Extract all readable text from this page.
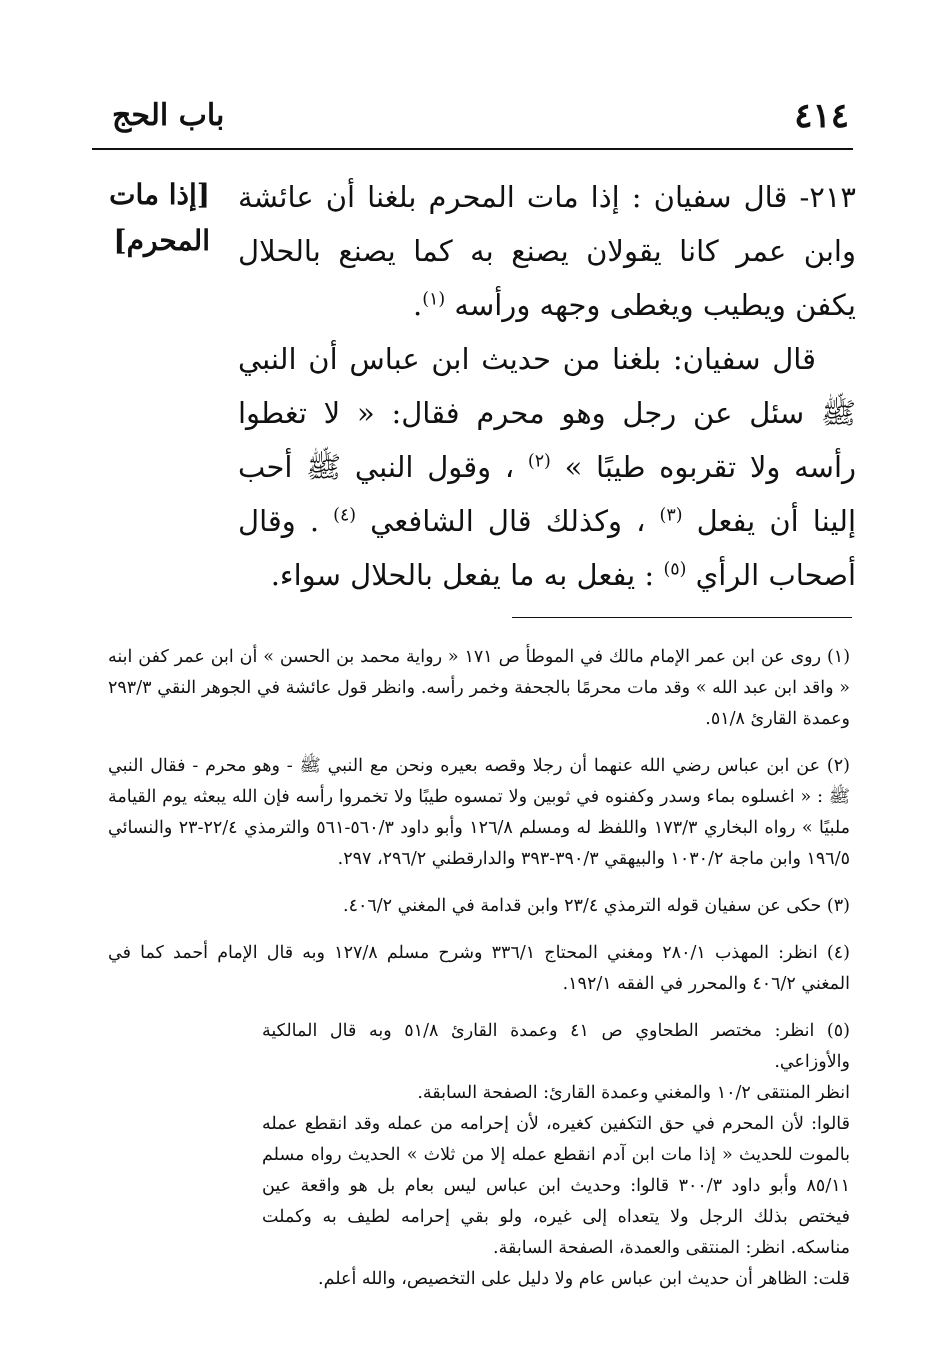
٤١٤
باب الحج
[إذا مات
المحرم]

٢١٣- قال سفيان : إذا مات المحرم بلغنا أن عائشة وابن عمر كانا يقولان يصنع به كما يصنع بالحلال يكفن ويطيب ويغطى وجهه ورأسه $^{(١)}$.

قال سفيان: بلغنا من حديث ابن عباس أن النبي ﷺ سئل عن رجل وهو محرم فقال: « لا تغطوا رأسه ولا تقربوه طيبًا » $^{(٢)}$ ، وقول النبي ﷺ أحب إلينا أن يفعل $^{(٣)}$ ، وكذلك قال الشافعي $^{(٤)}$ . وقال أصحاب الرأي $^{(٥)}$ : يفعل به ما يفعل بالحلال سواء.

(١) روى عن ابن عمر الإمام مالك في الموطأ ص ١٧١ « رواية محمد بن الحسن » أن ابن عمر كفن ابنه « واقد ابن عبد الله » وقد مات محرمًا بالجحفة وخمر رأسه. وانظر قول عائشة في الجوهر النقي ٢٩٣/٣ وعمدة القارئ ٥١/٨.

(٢) عن ابن عباس رضي الله عنهما أن رجلا وقصه بعيره ونحن مع النبي ﷺ - وهو محرم - فقال النبي ﷺ : « اغسلوه بماء وسدر وكفنوه في ثوبين ولا تمسوه طيبًا ولا تخمروا رأسه فإن الله يبعثه يوم القيامة ملبيًا » رواه البخاري ١٧٣/٣ واللفظ له ومسلم ١٢٦/٨ وأبو داود ٥٦٠/٣-٥٦١ والترمذي ٢٢/٤-٢٣ والنسائي ١٩٦/٥ وابن ماجة ١٠٣٠/٢ والبيهقي ٣٩٠/٣-٣٩٣ والدارقطني ٢٩٦/٢، ٢٩٧.

(٣) حكى عن سفيان قوله الترمذي ٢٣/٤ وابن قدامة في المغني ٤٠٦/٢.

(٤) انظر: المهذب ٢٨٠/١ ومغني المحتاج ٣٣٦/١ وشرح مسلم ١٢٧/٨ وبه قال الإمام أحمد كما في المغني ٤٠٦/٢ والمحرر في الفقه ١٩٢/١.

(٥) انظر: مختصر الطحاوي ص ٤١ وعمدة القارئ ٥١/٨ وبه قال المالكية والأوزاعي.

انظر المنتقى ١٠/٢ والمغني وعمدة القارئ: الصفحة السابقة.

قالوا: لأن المحرم في حق التكفين كغيره، لأن إحرامه من عمله وقد انقطع عمله بالموت للحديث « إذا مات ابن آدم انقطع عمله إلا من ثلاث » الحديث رواه مسلم ٨٥/١١ وأبو داود ٣٠٠/٣ قالوا: وحديث ابن عباس ليس بعام بل هو واقعة عين فيختص بذلك الرجل ولا يتعداه إلى غيره، ولو بقي إحرامه لطيف به وكملت مناسكه. انظر: المنتقى والعمدة، الصفحة السابقة.

قلت: الظاهر أن حديث ابن عباس عام ولا دليل على التخصيص، والله أعلم.
